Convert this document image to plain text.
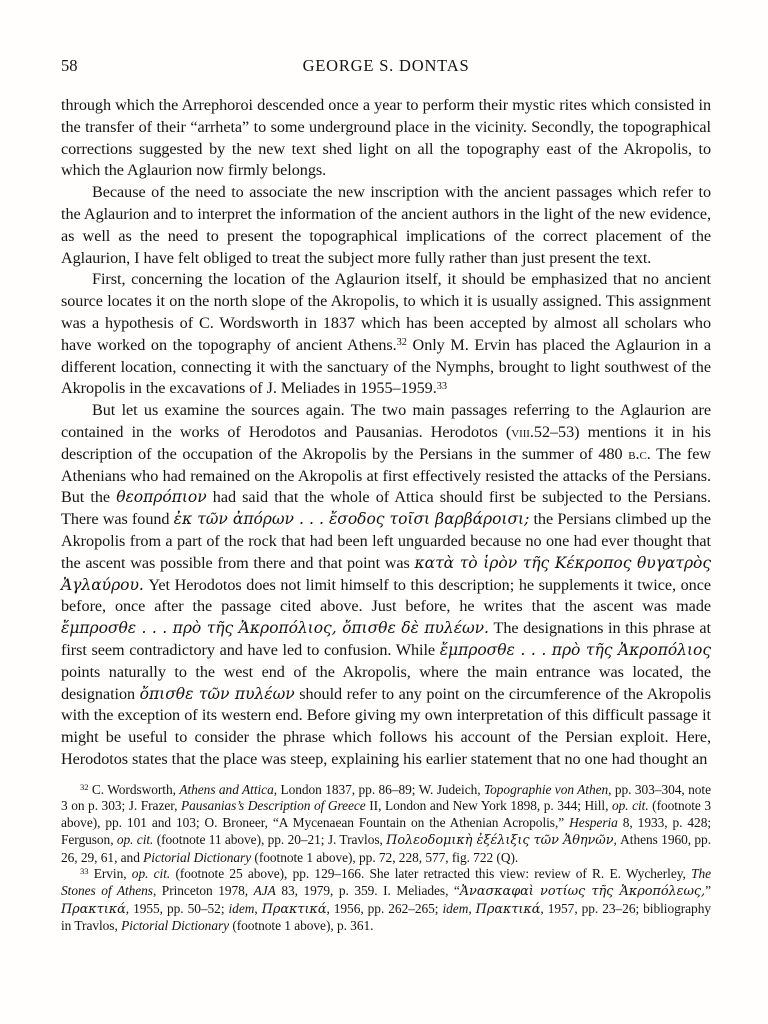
58	GEORGE S. DONTAS

through which the Arrephoroi descended once a year to perform their mystic rites which consisted in the transfer of their “arrheta” to some underground place in the vicinity. Secondly, the topographical corrections suggested by the new text shed light on all the topography east of the Akropolis, to which the Aglaurion now firmly belongs.

Because of the need to associate the new inscription with the ancient passages which refer to the Aglaurion and to interpret the information of the ancient authors in the light of the new evidence, as well as the need to present the topographical implications of the correct placement of the Aglaurion, I have felt obliged to treat the subject more fully rather than just present the text.

First, concerning the location of the Aglaurion itself, it should be emphasized that no ancient source locates it on the north slope of the Akropolis, to which it is usually assigned. This assignment was a hypothesis of C. Wordsworth in 1837 which has been accepted by almost all scholars who have worked on the topography of ancient Athens.$^{32}$ Only M. Ervin has placed the Aglaurion in a different location, connecting it with the sanctuary of the Nymphs, brought to light southwest of the Akropolis in the excavations of J. Meliades in 1955–1959.33

But let us examine the sources again. The two main passages referring to the Aglaurion are contained in the works of Herodotos and Pausanias. Herodotos (viii.52–53) mentions it in his description of the occupation of the Akropolis by the Persians in the summer of 480 b.c. The few Athenians who had remained on the Akropolis at first effectively resisted the attacks of the Persians. But the θεοπρόπιον had said that the whole of Attica should first be subjected to the Persians. There was found ἐκ τῶν ἀπόρων . . . ἔσοδος τοῖσι βαρβάροισι; the Persians climbed up the Akropolis from a part of the rock that had been left unguarded because no one had ever thought that the ascent was possible from there and that point was κατὰ τὸ ἱρὸν τῆς Κέκροπος θυγατρὸς Ἀγλαύρου. Yet Herodotos does not limit himself to this description; he supplements it twice, once before, once after the passage cited above. Just before, he writes that the ascent was made ἔμπροσθε . . . πρὸ τῆς Ἀκροπόλιος, ὄπισθε δὲ πυλέων. The designations in this phrase at first seem contradictory and have led to confusion. While ἔμπροσθε . . . πρὸ τῆς Ἀκροπόλιος points naturally to the west end of the Akropolis, where the main entrance was located, the designation ὄπισθε τῶν πυλέων should refer to any point on the circumference of the Akropolis with the exception of its western end. Before giving my own interpretation of this difficult passage it might be useful to consider the phrase which follows his account of the Persian exploit. Here, Herodotos states that the place was steep, explaining his earlier statement that no one had thought an

$^{32}$ C. Wordsworth, Athens and Attica, London 1837, pp. 86–89; W. Judeich, Topographie von Athen, pp. 303–304, note 3 on p. 303; J. Frazer, Pausanias’s Description of Greece II, London and New York 1898, p. 344; Hill, op. cit. (footnote 3 above), pp. 101 and 103; O. Broneer, “A Mycenaean Fountain on the Athenian Acropolis,” Hesperia 8, 1933, p. 428; Ferguson, op. cit. (footnote 11 above), pp. 20–21; J. Travlos, Πολεοδομικὴ ἐξέλιξις τῶν Ἀθηνῶν, Athens 1960, pp. 26, 29, 61, and Pictorial Dictionary (footnote 1 above), pp. 72, 228, 577, fig. 722 (Q).

$^{33}$ Ervin, op. cit. (footnote 25 above), pp. 129–166. She later retracted this view: review of R. E. Wycherley, The Stones of Athens, Princeton 1978, AJA 83, 1979, p. 359. I. Meliades, “Ἀνασκαφαὶ νοτίως τῆς Ἀκροπόλεως,” Πρακτικά, 1955, pp. 50–52; idem, Πρακτικά, 1956, pp. 262–265; idem, Πρακτικά, 1957, pp. 23–26; bibliography in Travlos, Pictorial Dictionary (footnote 1 above), p. 361.
